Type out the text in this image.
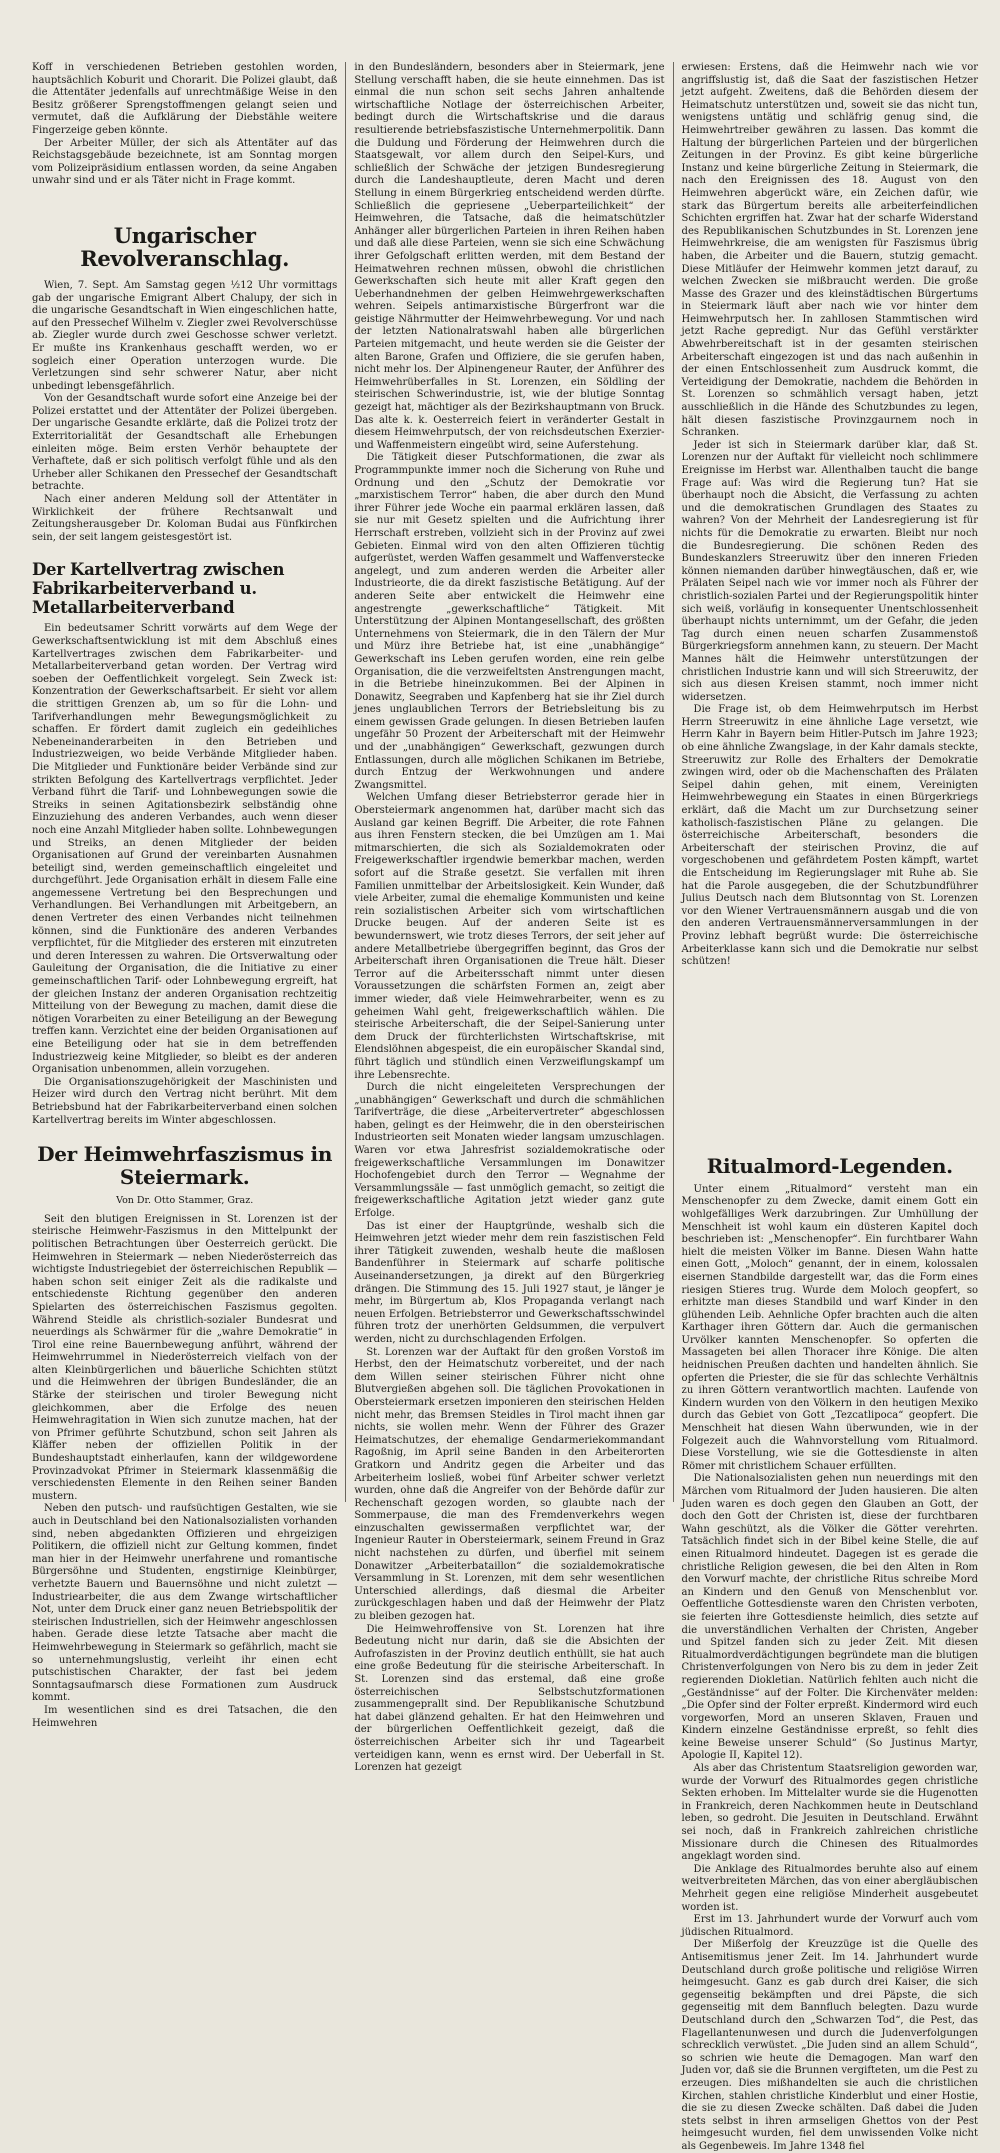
Koff in verschiedenen Betrieben gestohlen worden, hauptsächlich Koburit und Chorarit. Die Polizei glaubt, daß die Attentäter jedenfalls auf unrechtmäßige Weise in den Besitz größerer Sprengstoffmengen gelangt seien und vermutet, daß die Aufklärung der Diebstähle weitere Fingerzeige geben könnte.

Der Arbeiter Müller, der sich als Attentäter auf das Reichstagsgebäude bezeichnete, ist am Sonntag morgen vom Polizeipräsidium entlassen worden, da seine Angaben unwahr sind und er als Täter nicht in Frage kommt.

Ungarischer Revolveranschlag.

Wien, 7. Sept. Am Samstag gegen ½12 Uhr vormittags gab der ungarische Emigrant Albert Chalupy, der sich in die ungarische Gesandtschaft in Wien eingeschlichen hatte, auf den Pressechef Wilhelm v. Ziegler zwei Revolverschüsse ab. Ziegler wurde durch zwei Geschosse schwer verletzt. Er mußte ins Krankenhaus geschafft werden, wo er sogleich einer Operation unterzogen wurde. Die Verletzungen sind sehr schwerer Natur, aber nicht unbedingt lebensgefährlich.

Von der Gesandtschaft wurde sofort eine Anzeige bei der Polizei erstattet und der Attentäter der Polizei übergeben. Der ungarische Gesandte erklärte, daß die Polizei trotz der Exterritorialität der Gesandtschaft alle Erhebungen einleiten möge. Beim ersten Verhör behauptete der Verhaftete, daß er sich politisch verfolgt fühle und als den Urheber aller Schikanen den Pressechef der Gesandtschaft betrachte.

Nach einer anderen Meldung soll der Attentäter in Wirklichkeit der frühere Rechtsanwalt und Zeitungsherausgeber Dr. Koloman Budai aus Fünfkirchen sein, der seit langem geistesgestört ist.

Der Kartellvertrag zwischen Fabrikarbeiterverband u. Metallarbeiterverband

Ein bedeutsamer Schritt vorwärts auf dem Wege der Gewerkschaftsentwicklung ist mit dem Abschluß eines Kartellvertrages zwischen dem Fabrikarbeiter- und Metallarbeiterverband getan worden. Der Vertrag wird soeben der Oeffentlichkeit vorgelegt. Sein Zweck ist: Konzentration der Gewerkschaftsarbeit. Er sieht vor allem die strittigen Grenzen ab, um so für die Lohn- und Tarifverhandlungen mehr Bewegungsmöglichkeit zu schaffen. Er fördert damit zugleich ein gedeihliches Nebeneinanderarbeiten in den Betrieben und Industriezweigen, wo beide Verbände Mitglieder haben. Die Mitglieder und Funktionäre beider Verbände sind zur strikten Befolgung des Kartellvertrags verpflichtet. Jeder Verband führt die Tarif- und Lohnbewegungen sowie die Streiks in seinen Agitationsbezirk selbständig ohne Einzuziehung des anderen Verbandes, auch wenn dieser noch eine Anzahl Mitglieder haben sollte. Lohnbewegungen und Streiks, an denen Mitglieder der beiden Organisationen auf Grund der vereinbarten Ausnahmen beteiligt sind, werden gemeinschaftlich eingeleitet und durchgeführt. Jede Organisation erhält in diesem Falle eine angemessene Vertretung bei den Besprechungen und Verhandlungen. Bei Verhandlungen mit Arbeitgebern, an denen Vertreter des einen Verbandes nicht teilnehmen können, sind die Funktionäre des anderen Verbandes verpflichtet, für die Mitglieder des ersteren mit einzutreten und deren Interessen zu wahren. Die Ortsverwaltung oder Gauleitung der Organisation, die die Initiative zu einer gemeinschaftlichen Tarif- oder Lohnbewegung ergreift, hat der gleichen Instanz der anderen Organisation rechtzeitig Mitteilung von der Bewegung zu machen, damit diese die nötigen Vorarbeiten zu einer Beteiligung an der Bewegung treffen kann. Verzichtet eine der beiden Organisationen auf eine Beteiligung oder hat sie in dem betreffenden Industriezweig keine Mitglieder, so bleibt es der anderen Organisation unbenommen, allein vorzugehen.

Die Organisationszugehörigkeit der Maschinisten und Heizer wird durch den Vertrag nicht berührt. Mit dem Betriebsbund hat der Fabrikarbeiterverband einen solchen Kartellvertrag bereits im Winter abgeschlossen.

Der Heimwehrfaszismus in Steiermark.
Von Dr. Otto Stammer, Graz.

Seit den blutigen Ereignissen in St. Lorenzen ist der steirische Heimwehr-Faszismus in den Mittelpunkt der politischen Betrachtungen über Oesterreich gerückt. Die Heimwehren in Steiermark — neben Niederösterreich das wichtigste Industriegebiet der österreichischen Republik — haben schon seit einiger Zeit als die radikalste und entschiedenste Richtung gegenüber den anderen Spielarten des österreichischen Faszismus gegolten. Während Steidle als christlich-sozialer Bundesrat und neuerdings als Schwärmer für die „wahre Demokratie“ in Tirol eine reine Bauernbewegung anführt, während der Heimwehrrummel in Niederösterreich vielfach von der alten Kleinbürgerlichen und bäuerliche Schichten stützt und die Heimwehren der übrigen Bundesländer, die an Stärke der steirischen und tiroler Bewegung nicht gleichkommen, aber die Erfolge des neuen Heimwehragitation in Wien sich zunutze machen, hat der von Pfrimer geführte Schutzbund, schon seit Jahren als Kläffer neben der offiziellen Politik in der Bundeshauptstadt einherlaufen, kann der wildgewordene Provinzadvokat Pfrimer in Steiermark klassenmäßig die verschiedensten Elemente in den Reihen seiner Banden mustern.

Neben den putsch- und raufsüchtigen Gestalten, wie sie auch in Deutschland bei den Nationalsozialisten vorhanden sind, neben abgedankten Offizieren und ehrgeizigen Politikern, die offiziell nicht zur Geltung kommen, findet man hier in der Heimwehr unerfahrene und romantische Bürgersöhne und Studenten, engstirnige Kleinbürger, verhetzte Bauern und Bauernsöhne und nicht zuletzt — Industriearbeiter, die aus dem Zwange wirtschaftlicher Not, unter dem Druck einer ganz neuen Betriebspolitik der steirischen Industriellen, sich der Heimwehr angeschlossen haben. Gerade diese letzte Tatsache aber macht die Heimwehrbewegung in Steiermark so gefährlich, macht sie so unternehmungslustig, verleiht ihr einen echt putschistischen Charakter, der fast bei jedem Sonntagsaufmarsch diese Formationen zum Ausdruck kommt.

Im wesentlichen sind es drei Tatsachen, die den Heimwehren

in den Bundesländern, besonders aber in Steiermark, jene Stellung verschafft haben, die sie heute einnehmen. Das ist einmal die nun schon seit sechs Jahren anhaltende wirtschaftliche Notlage der österreichischen Arbeiter, bedingt durch die Wirtschaftskrise und die daraus resultierende betriebsfaszistische Unternehmerpolitik. Dann die Duldung und Förderung der Heimwehren durch die Staatsgewalt, vor allem durch den Seipel-Kurs, und schließlich der Schwäche der jetzigen Bundesregierung durch die Landeshauptleute, deren Macht und deren Stellung in einem Bürgerkrieg entscheidend werden dürfte. Schließlich die gepriesene „Ueberparteilichkeit“ der Heimwehren, die Tatsache, daß die heimatschützler Anhänger aller bürgerlichen Parteien in ihren Reihen haben und daß alle diese Parteien, wenn sie sich eine Schwächung ihrer Gefolgschaft erlitten werden, mit dem Bestand der Heimatwehren rechnen müssen, obwohl die christlichen Gewerkschaften sich heute mit aller Kraft gegen den Ueberhandnehmen der gelben Heimwehrgewerkschaften wehren. Seipels antimarxistische Bürgerfront war die geistige Nährmutter der Heimwehrbewegung. Vor und nach der letzten Nationalratswahl haben alle bürgerlichen Parteien mitgemacht, und heute werden sie die Geister der alten Barone, Grafen und Offiziere, die sie gerufen haben, nicht mehr los. Der Alpinengeneur Rauter, der Anführer des Heimwehrüberfalles in St. Lorenzen, ein Söldling der steirischen Schwerindustrie, ist, wie der blutige Sonntag gezeigt hat, mächtiger als der Bezirkshauptmann von Bruck. Das alte k. k. Oesterreich feiert in veränderter Gestalt in diesem Heimwehrputsch, der von reichsdeutschen Exerzier- und Waffenmeistern eingeübt wird, seine Auferstehung.

Die Tätigkeit dieser Putschformationen, die zwar als Programmpunkte immer noch die Sicherung von Ruhe und Ordnung und den „Schutz der Demokratie vor „marxistischem Terror“ haben, die aber durch den Mund ihrer Führer jede Woche ein paarmal erklären lassen, daß sie nur mit Gesetz spielten und die Aufrichtung ihrer Herrschaft erstreben, vollzieht sich in der Provinz auf zwei Gebieten. Einmal wird von den alten Offizieren tüchtig aufgerüstet, werden Waffen gesammelt und Waffenverstecke angelegt, und zum anderen werden die Arbeiter aller Industrieorte, die da direkt faszistische Betätigung. Auf der anderen Seite aber entwickelt die Heimwehr eine angestrengte „gewerkschaftliche“ Tätigkeit. Mit Unterstützung der Alpinen Montangesellschaft, des größten Unternehmens von Steiermark, die in den Tälern der Mur und Mürz ihre Betriebe hat, ist eine „unabhängige“ Gewerkschaft ins Leben gerufen worden, eine rein gelbe Organisation, die die verzweifeltsten Anstrengungen macht, in die Betriebe hineinzukommen. Bei der Alpinen in Donawitz, Seegraben und Kapfenberg hat sie ihr Ziel durch jenes unglaublichen Terrors der Betriebsleitung bis zu einem gewissen Grade gelungen. In diesen Betrieben laufen ungefähr 50 Prozent der Arbeiterschaft mit der Heimwehr und der „unabhängigen“ Gewerkschaft, gezwungen durch Entlassungen, durch alle möglichen Schikanen im Betriebe, durch Entzug der Werkwohnungen und andere Zwangsmittel.

Welchen Umfang dieser Betriebsterror gerade hier in Obersteiermark angenommen hat, darüber macht sich das Ausland gar keinen Begriff. Die Arbeiter, die rote Fahnen aus ihren Fenstern stecken, die bei Umzügen am 1. Mai mitmarschierten, die sich als Sozialdemokraten oder Freigewerkschaftler irgendwie bemerkbar machen, werden sofort auf die Straße gesetzt. Sie verfallen mit ihren Familien unmittelbar der Arbeitslosigkeit. Kein Wunder, daß viele Arbeiter, zumal die ehemalige Kommunisten und keine rein sozialistischen Arbeiter sich vom wirtschaftlichen Drucke beugen. Auf der anderen Seite ist es bewundernswert, wie trotz dieses Terrors, der seit jeher auf andere Metallbetriebe übergegriffen beginnt, das Gros der Arbeiterschaft ihren Organisationen die Treue hält. Dieser Terror auf die Arbeitersschaft nimmt unter diesen Voraussetzungen die schärfsten Formen an, zeigt aber immer wieder, daß viele Heimwehrarbeiter, wenn es zu geheimen Wahl geht, freigewerkschaftlich wählen. Die steirische Arbeiterschaft, die der Seipel-Sanierung unter dem Druck der fürchterlichsten Wirtschaftskrise, mit Elendslöhnen abgespeist, die ein europäischer Skandal sind, führt täglich und stündlich einen Verzweiflungskampf um ihre Lebensrechte.

Durch die nicht eingeleiteten Versprechungen der „unabhängigen“ Gewerkschaft und durch die schmählichen Tarifverträge, die diese „Arbeitervertreter“ abgeschlossen haben, gelingt es der Heimwehr, die in den obersteirischen Industrieorten seit Monaten wieder langsam umzuschlagen. Waren vor etwa Jahresfrist sozialdemokratische oder freigewerkschaftliche Versammlungen im Donawitzer Hochofengebiet durch den Terror — Wegnahme der Versammlungssäle — fast unmöglich gemacht, so zeitigt die freigewerkschaftliche Agitation jetzt wieder ganz gute Erfolge.

Das ist einer der Hauptgründe, weshalb sich die Heimwehren jetzt wieder mehr dem rein faszistischen Feld ihrer Tätigkeit zuwenden, weshalb heute die maßlosen Bandenführer in Steiermark auf scharfe politische Auseinandersetzungen, ja direkt auf den Bürgerkrieg drängen. Die Stimmung des 15. Juli 1927 staut, je länger je mehr, im Bürgertum ab, Klos Propaganda verlangt nach neuen Erfolgen. Betriebsterror und Gewerkschaftsschwindel führen trotz der unerhörten Geldsummen, die verpulvert werden, nicht zu durchschlagenden Erfolgen.

St. Lorenzen war der Auftakt für den großen Vorstoß im Herbst, den der Heimatschutz vorbereitet, und der nach dem Willen seiner steirischen Führer nicht ohne Blutvergießen abgehen soll. Die täglichen Provokationen in Obersteiermark ersetzen imponieren den steirischen Helden nicht mehr, das Bremsen Steidles in Tirol macht ihnen gar nichts, sie wollen mehr. Wenn der Führer des Grazer Heimatschutzes, der ehemalige Gendarmeriekommandant Ragoßnig, im April seine Banden in den Arbeiterorten Gratkorn und Andritz gegen die Arbeiter und das Arbeiterheim losließ, wobei fünf Arbeiter schwer verletzt wurden, ohne daß die Angreifer von der Behörde dafür zur Rechenschaft gezogen worden, so glaubte nach der Sommerpause, die man des Fremdenverkehrs wegen einzuschalten gewissermaßen verpflichtet war, der Ingenieur Rauter in Obersteiermark, seinem Freund in Graz nicht nachstehen zu dürfen, und überfiel mit seinem Donawitzer „Arbeiterbataillon“ die sozialdemokratische Versammlung in St. Lorenzen, mit dem sehr wesentlichen Unterschied allerdings, daß diesmal die Arbeiter zurückgeschlagen haben und daß der Heimwehr der Platz zu bleiben gezogen hat.

Die Heimwehroffensive von St. Lorenzen hat ihre Bedeutung nicht nur darin, daß sie die Absichten der Aufrofaszisten in der Provinz deutlich enthüllt, sie hat auch eine große Bedeutung für die steirische Arbeiterschaft. In St. Lorenzen sind das erstemal, daß eine große österreichischen Selbstschutzformationen zusammengeprallt sind. Der Republikanische Schutzbund hat dabei glänzend gehalten. Er hat den Heimwehren und der bürgerlichen Oeffentlichkeit gezeigt, daß die österreichischen Arbeiter sich ihr und Tagearbeit verteidigen kann, wenn es ernst wird. Der Ueberfall in St. Lorenzen hat gezeigt

erwiesen: Erstens, daß die Heimwehr nach wie vor angriffslustig ist, daß die Saat der faszistischen Hetzer jetzt aufgeht. Zweitens, daß die Behörden diesem der Heimatschutz unterstützen und, soweit sie das nicht tun, wenigstens untätig und schläfrig genug sind, die Heimwehrtreiber gewähren zu lassen. Das kommt die Haltung der bürgerlichen Parteien und der bürgerlichen Zeitungen in der Provinz. Es gibt keine bürgerliche Instanz und keine bürgerliche Zeitung in Steiermark, die nach den Ereignissen des 18. August von den Heimwehren abgerückt wäre, ein Zeichen dafür, wie stark das Bürgertum bereits alle arbeiterfeindlichen Schichten ergriffen hat. Zwar hat der scharfe Widerstand des Republikanischen Schutzbundes in St. Lorenzen jene Heimwehrkreise, die am wenigsten für Faszismus übrig haben, die Arbeiter und die Bauern, stutzig gemacht. Diese Mitläufer der Heimwehr kommen jetzt darauf, zu welchen Zwecken sie mißbraucht werden. Die große Masse des Grazer und des kleinstädtischen Bürgertums in Steiermark läuft aber nach wie vor hinter dem Heimwehrputsch her. In zahllosen Stammtischen wird jetzt Rache gepredigt. Nur das Gefühl verstärkter Abwehrbereitschaft ist in der gesamten steirischen Arbeiterschaft eingezogen ist und das nach außenhin in der einen Entschlossenheit zum Ausdruck kommt, die Verteidigung der Demokratie, nachdem die Behörden in St. Lorenzen so schmählich versagt haben, jetzt ausschließlich in die Hände des Schutzbundes zu legen, hält diesen faszistische Provinzgaurnem noch in Schranken.

Jeder ist sich in Steiermark darüber klar, daß St. Lorenzen nur der Auftakt für vielleicht noch schlimmere Ereignisse im Herbst war. Allenthalben taucht die bange Frage auf: Was wird die Regierung tun? Hat sie überhaupt noch die Absicht, die Verfassung zu achten und die demokratischen Grundlagen des Staates zu wahren? Von der Mehrheit der Landesregierung ist für nichts für die Demokratie zu erwarten. Bleibt nur noch die Bundesregierung. Die schönen Reden des Bundeskanzlers Streeruwitz über den inneren Frieden können niemanden darüber hinwegtäuschen, daß er, wie Prälaten Seipel nach wie vor immer noch als Führer der christlich-sozialen Partei und der Regierungspolitik hinter sich weiß, vorläufig in konsequenter Unentschlossenheit überhaupt nichts unternimmt, um der Gefahr, die jeden Tag durch einen neuen scharfen Zusammenstoß Bürgerkriegsform annehmen kann, zu steuern. Der Macht Mannes hält die Heimwehr unterstützungen der christlichen Industrie kann und will sich Streeruwitz, der sich aus diesen Kreisen stammt, noch immer nicht widersetzen.

Die Frage ist, ob dem Heimwehrputsch im Herbst Herrn Streeruwitz in eine ähnliche Lage versetzt, wie Herrn Kahr in Bayern beim Hitler-Putsch im Jahre 1923; ob eine ähnliche Zwangslage, in der Kahr damals steckte, Streeruwitz zur Rolle des Erhalters der Demokratie zwingen wird, oder ob die Machenschaften des Prälaten Seipel dahin gehen, mit einem, Vereinigten Heimwehrbewegung ein Staates in einen Bürgerkriegs erklärt, daß die Macht um zur Durchsetzung seiner katholisch-faszistischen Pläne zu gelangen. Die österreichische Arbeiterschaft, besonders die Arbeiterschaft der steirischen Provinz, die auf vorgeschobenen und gefährdetem Posten kämpft, wartet die Entscheidung im Regierungslager mit Ruhe ab. Sie hat die Parole ausgegeben, die der Schutzbundführer Julius Deutsch nach dem Blutsonntag von St. Lorenzen vor den Wiener Vertrauensmännern ausgab und die von den anderen Vertrauensmännerversammlungen in der Provinz lebhaft begrüßt wurde: Die österreichische Arbeiterklasse kann sich und die Demokratie nur selbst schützen!

Ritualmord-Legenden.

Unter einem „Ritualmord“ versteht man ein Menschenopfer zu dem Zwecke, damit einem Gott ein wohlgefälliges Werk darzubringen. Zur Umhüllung der Menschheit ist wohl kaum ein düsteren Kapitel doch beschrieben ist: „Menschenopfer“. Ein furchtbarer Wahn hielt die meisten Völker im Banne. Diesen Wahn hatte einen Gott, „Moloch“ genannt, der in einem, kolossalen eisernen Standbilde dargestellt war, das die Form eines riesigen Stieres trug. Wurde dem Moloch geopfert, so erhitzte man dieses Standbild und warf Kinder in den glühenden Leib. Aehnliche Opfer brachten auch die alten Karthager ihren Göttern dar. Auch die germanischen Urvölker kannten Menschenopfer. So opferten die Massageten bei allen Thoracer ihre Könige. Die alten heidnischen Preußen dachten und handelten ähnlich. Sie opferten die Priester, die sie für das schlechte Verhältnis zu ihren Göttern verantwortlich machten. Laufende von Kindern wurden von den Völkern in den heutigen Mexiko durch das Gebiet von Gott „Tezcatlipoca“ geopfert. Die Menschheit hat diesen Wahn überwunden, wie in der Folgezeit auch die Wahnvorstellung vom Ritualmord. Diese Vorstellung, wie sie die Gottesdienste in alten Römer mit christlichem Schauer erfüllten.

Die Nationalsozialisten gehen nun neuerdings mit den Märchen vom Ritualmord der Juden hausieren. Die alten Juden waren es doch gegen den Glauben an Gott, der doch den Gott der Christen ist, diese der furchtbaren Wahn geschützt, als die Völker die Götter verehrten. Tatsächlich findet sich in der Bibel keine Stelle, die auf einen Ritualmord hindeutet. Dagegen ist es gerade die christliche Religion gewesen, die bei den Alten in Rom den Vorwurf machte, der christliche Ritus schreibe Mord an Kindern und den Genuß von Menschenblut vor. Oeffentliche Gottesdienste waren den Christen verboten, sie feierten ihre Gottesdienste heimlich, dies setzte auf die unverständlichen Verhalten der Christen, Angeber und Spitzel fanden sich zu jeder Zeit. Mit diesen Ritualmordverdächtigungen begründete man die blutigen Christenverfolgungen von Nero bis zu dem in jeder Zeit regierenden Diokletian. Natürlich fehlten auch nicht die „Geständnisse“ auf der Folter. Die Kirchenväter melden: „Die Opfer sind der Folter erpreßt. Kindermord wird euch vorgeworfen, Mord an unseren Sklaven, Frauen und Kindern einzelne Geständnisse erpreßt, so fehlt dies keine Beweise unserer Schuld“ (So Justinus Martyr, Apologie II, Kapitel 12).

Als aber das Christentum Staatsreligion geworden war, wurde der Vorwurf des Ritualmordes gegen christliche Sekten erhoben. Im Mittelalter wurde sie die Hugenotten in Frankreich, deren Nachkommen heute in Deutschland leben, so gedroht. Die Jesuiten in Deutschland. Erwähnt sei noch, daß in Frankreich zahlreichen christliche Missionare durch die Chinesen des Ritualmordes angeklagt worden sind.

Die Anklage des Ritualmordes beruhte also auf einem weitverbreiteten Märchen, das von einer abergläubischen Mehrheit gegen eine religiöse Minderheit ausgebeutet worden ist.

Erst im 13. Jahrhundert wurde der Vorwurf auch vom jüdischen Ritualmord.

Der Mißerfolg der Kreuzzüge ist die Quelle des Antisemitismus jener Zeit. Im 14. Jahrhundert wurde Deutschland durch große politische und religiöse Wirren heimgesucht. Ganz es gab durch drei Kaiser, die sich gegenseitig bekämpften und drei Päpste, die sich gegenseitig mit dem Bannfluch belegten. Dazu wurde Deutschland durch den „Schwarzen Tod“, die Pest, das Flagellantenunwesen und durch die Judenverfolgungen schrecklich verwüstet. „Die Juden sind an allem Schuld“, so schrien wie heute die Demagogen. Man warf den Juden vor, daß sie die Brunnen vergifteten, um die Pest zu erzeugen. Dies mißhandelten sie auch die christlichen Kirchen, stahlen christliche Kinderblut und einer Hostie, die sie zu diesen Zwecke schälten. Daß dabei die Juden stets selbst in ihren armseligen Ghettos von der Pest heimgesucht wurden, fiel dem unwissenden Volke nicht als Gegenbeweis. Im Jahre 1348 fiel
